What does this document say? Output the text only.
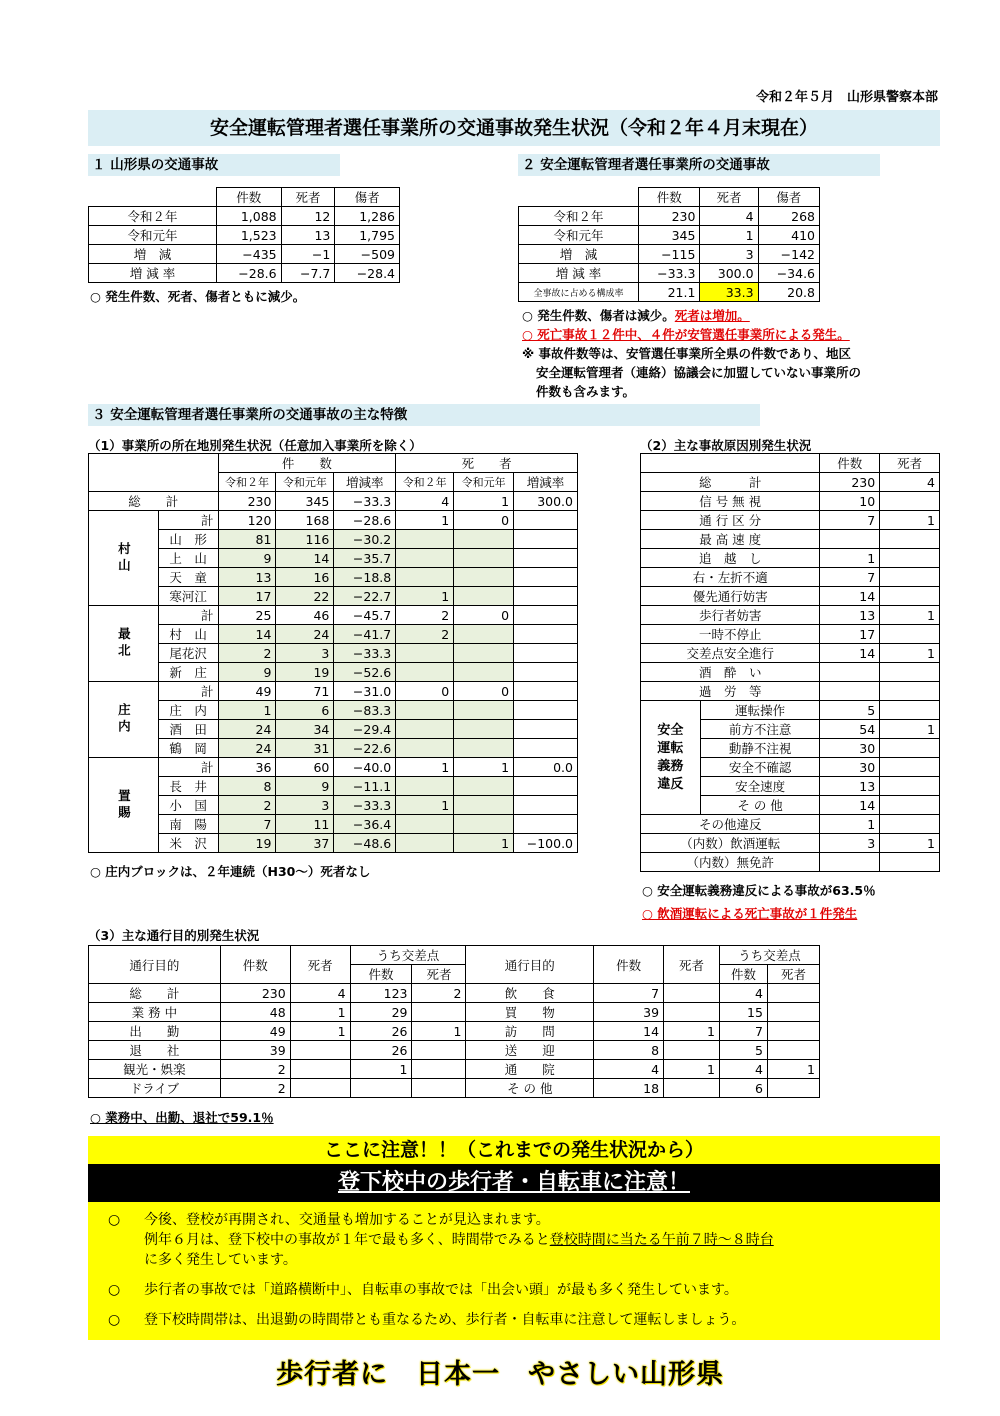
令和２年５月　山形県警察本部
安全運転管理者選任事業所の交通事故発生状況（令和２年４月末現在）
１ 山形県の交通事故
	件数	死者	傷者
令和２年	1,088	12	1,286
令和元年	1,523	13	1,795
増　減	−435	−1	−509
増 減 率	−28.6	−7.7	−28.4
○ 発生件数、死者、傷者ともに減少。
２ 安全運転管理者選任事業所の交通事故
	件数	死者	傷者
令和２年	230	4	268
令和元年	345	1	410
増　減	−115	3	−142
増 減 率	−33.3	300.0	−34.6
全事故に占める構成率	21.1	33.3	20.8
○ 発生件数、傷者は減少。死者は増加。
○ 死亡事故１２件中、４件が安管選任事業所による発生。
※ 事故件数等は、安管選任事業所全県の件数であり、地区
安全運転管理者（連絡）協議会に加盟していない事業所の
件数も含みます。
３ 安全運転管理者選任事業所の交通事故の主な特徴
（1）事業所の所在地別発生状況（任意加入事業所を除く）
		件　　数			死　　者		
		令和２年	令和元年	増減率	令和２年	令和元年	増減率
総　　計		230	345	−33.3	4	1	300.0
村山	計	120	168	−28.6	1	0	
	山　形	81	116	−30.2			
	上　山	9	14	−35.7			
	天　童	13	16	−18.8			
	寒河江	17	22	−22.7	1		
最北	計	25	46	−45.7	2	0	
	村　山	14	24	−41.7	2		
	尾花沢	2	3	−33.3			
	新　庄	9	19	−52.6			
庄内	計	49	71	−31.0	0	0	
	庄　内	1	6	−83.3			
	酒　田	24	34	−29.4			
	鶴　岡	24	31	−22.6			
置賜	計	36	60	−40.0	1	1	0.0
	長　井	8	9	−11.1			
	小　国	2	3	−33.3	1		
	南　陽	7	11	−36.4			
	米　沢	19	37	−48.6		1	−100.0
○ 庄内ブロックは、２年連続（H30～）死者なし
（2）主な事故原因別発生状況
		件数	死者
総　　　計		230	4
信 号 無 視		10	
通 行 区 分		7	1
最 高 速 度			
追　越　し		1	
右・左折不適		7	
優先通行妨害		14	
歩行者妨害		13	1
一時不停止		17	
交差点安全進行		14	1
酒　酔　い			
過　労　等			

安全
運転
義務
違反	運転操作	5	
	前方不注意	54	1
	動静不注視	30	
	安全不確認	30	
	安全速度	13	
	そ の 他	14	
その他違反		1	
（内数）飲酒運転		3	1
（内数）無免許			
○ 安全運転義務違反による事故が63.5％
○ 飲酒運転による死亡事故が１件発生
（3）主な通行目的別発生状況
通行目的	件数	死者	うち交差点		通行目的	件数	死者	うち交差点	
			件数	死者				件数	死者
総　　計	230	4	123	2	飲　　食	7		4	
業 務 中	48	1	29		買　　物	39		15	
出　　勤	49	1	26	1	訪　　問	14	1	7	
退　　社	39		26		送　　迎	8		5	
観光・娯楽	2		1		通　　院	4	1	4	1
ドライブ	2				そ の 他	18		6	
○ 業務中、出勤、退社で59.1％
ここに注意！！（これまでの発生状況から）
登下校中の歩行者・自転車に注意！

○	今後、登校が再開され、交通量も増加することが見込まれます。
例年６月は、登下校中の事故が１年で最も多く、時間帯でみると登校時間に当たる午前７時～８時台
に多く発生しています。

○	歩行者の事故では「道路横断中」、自転車の事故では「出会い頭」が最も多く発生しています。

○	登下校時間帯は、出退勤の時間帯とも重なるため、歩行者・自転車に注意して運転しましょう。

歩行者に　日本一　やさしい山形県
